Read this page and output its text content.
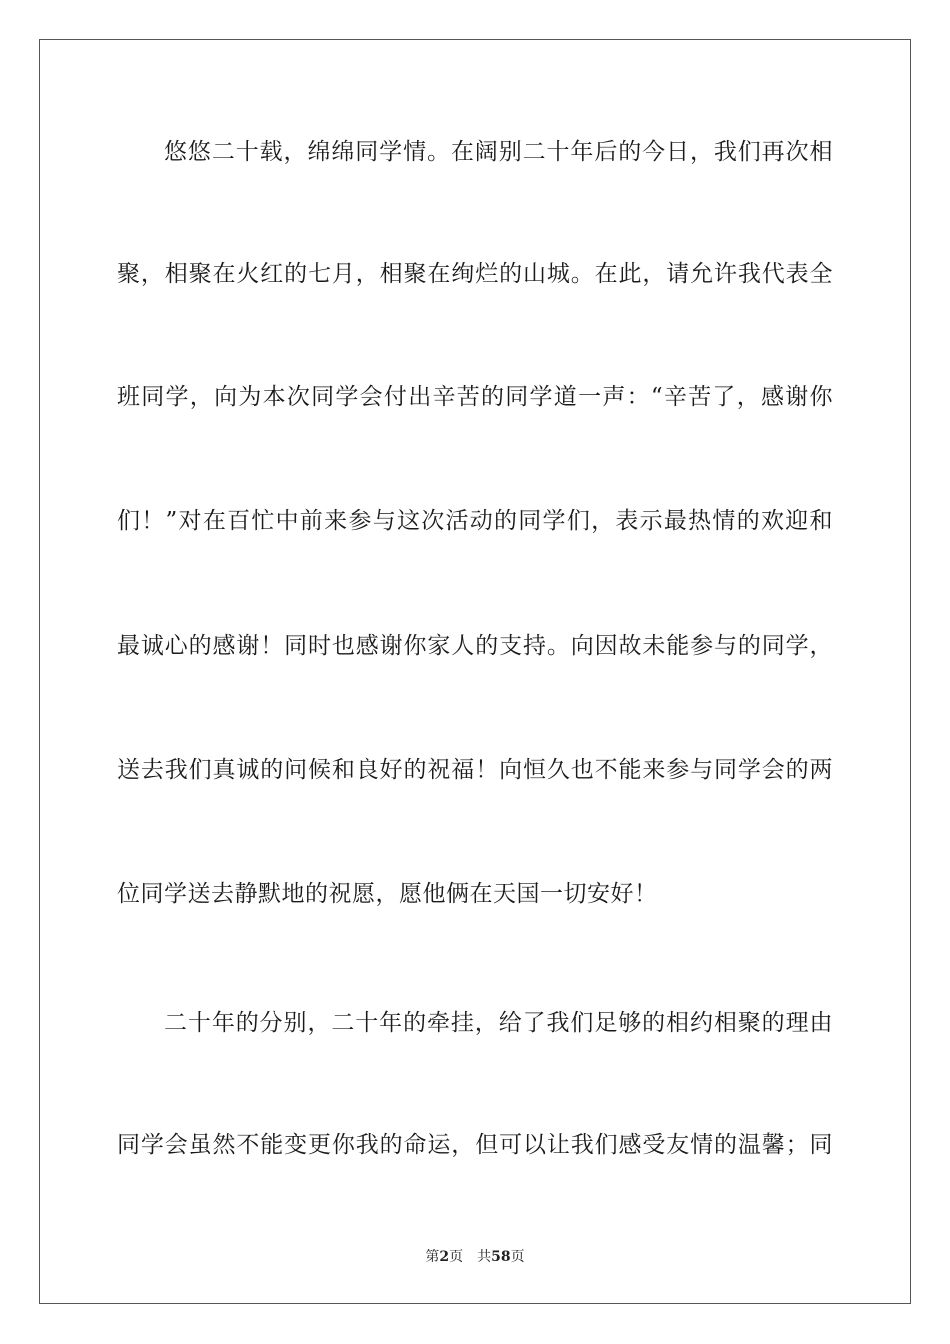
悠悠二十载，绵绵同学情。在阔别二十年后的今日，我们再次相
聚，相聚在火红的七月，相聚在绚烂的山城。在此，请允许我代表全
班同学，向为本次同学会付出辛苦的同学道一声：“辛苦了，感谢你
们！”对在百忙中前来参与这次活动的同学们，表示最热情的欢迎和
最诚心的感谢！同时也感谢你家人的支持。向因故未能参与的同学，
送去我们真诚的问候和良好的祝福！向恒久也不能来参与同学会的两
位同学送去静默地的祝愿，愿他俩在天国一切安好！
二十年的分别，二十年的牵挂，给了我们足够的相约相聚的理由
同学会虽然不能变更你我的命运，但可以让我们感受友情的温馨；同
第2页 共58页
